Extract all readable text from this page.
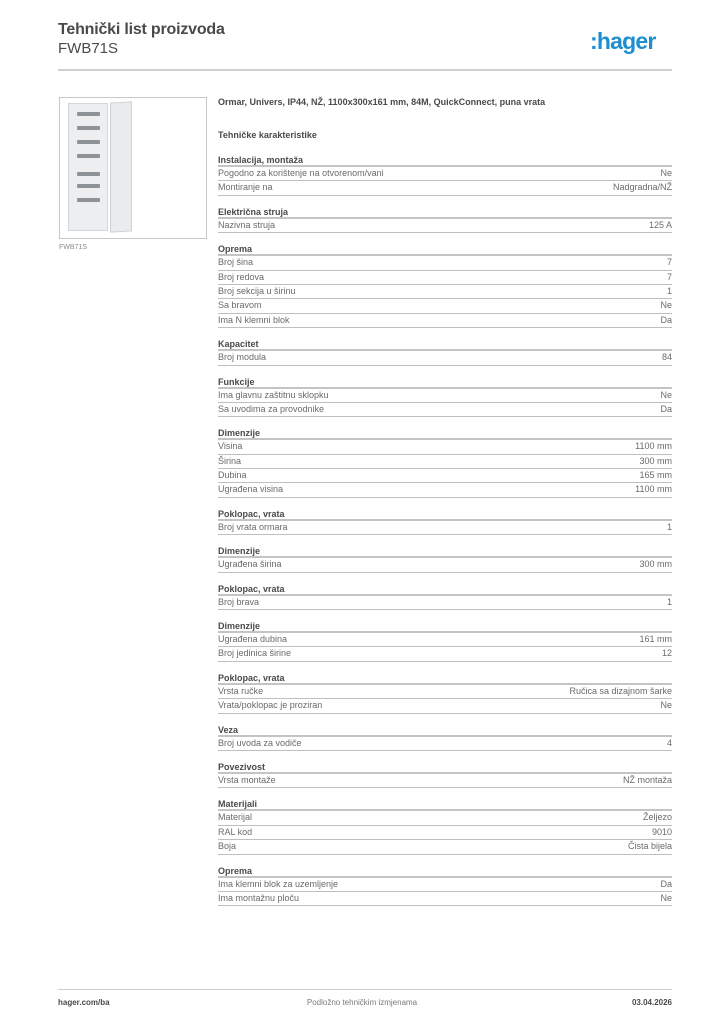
Tehnički list proizvoda
FWB71S	:hager
FWB71S
Ormar, Univers, IP44, NŽ, 1100x300x161 mm, 84M, QuickConnect, puna vrata
Tehničke karakteristike
Instalacija, montaža
Pogodno za korištenje na otvorenom/vani	Ne
Montiranje na	Nadgradna/NŽ
Električna struja
Nazivna struja	125 A
Oprema
Broj šina	7
Broj redova	7
Broj sekcija u širinu	1
Sa bravom	Ne
Ima N klemni blok	Da
Kapacitet
Broj modula	84
Funkcije
Ima glavnu zaštitnu sklopku	Ne
Sa uvodima za provodnike	Da
Dimenzije
Visina	1100 mm
Širina	300 mm
Dubina	165 mm
Ugrađena visina	1100 mm
Poklopac, vrata
Broj vrata ormara	1
Dimenzije
Ugrađena širina	300 mm
Poklopac, vrata
Broj brava	1
Dimenzije
Ugrađena dubina	161 mm
Broj jedinica širine	12
Poklopac, vrata
Vrsta ručke	Ručica sa dizajnom šarke
Vrata/poklopac je proziran	Ne
Veza
Broj uvoda za vodiče	4
Povezivost
Vrsta montaže	NŽ montaža
Materijali
Materijal	Željezo
RAL kod	9010
Boja	Čista bijela
Oprema
Ima klemni blok za uzemljenje	Da
Ima montažnu ploču	Ne
hager.com/ba	Podložno tehničkim izmjenama	03.04.2026
